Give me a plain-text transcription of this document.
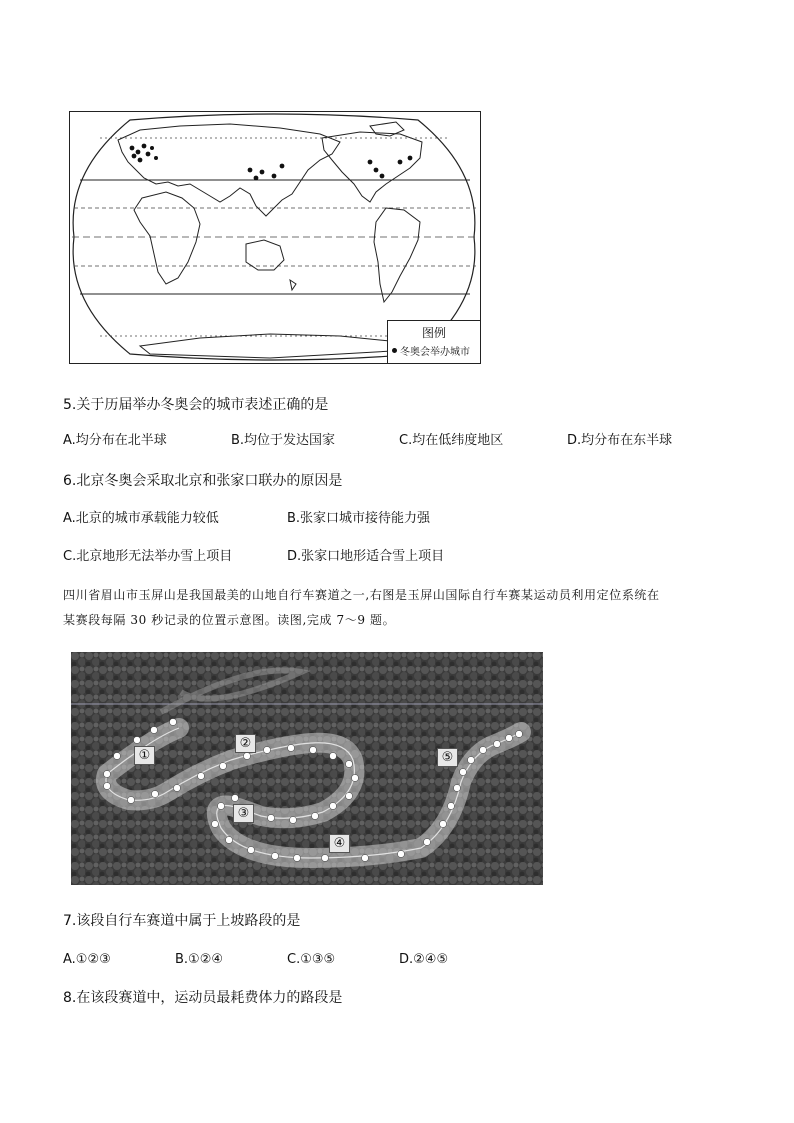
图例
冬奥会举办城市
5.关于历届举办冬奥会的城市表述正确的是
A.均分布在北半球	B.均位于发达国家	C.均在低纬度地区	D.均分布在东半球
6.北京冬奥会采取北京和张家口联办的原因是
A.北京的城市承载能力较低	B.张家口城市接待能力强
C.北京地形无法举办雪上项目	D.张家口地形适合雪上项目
四川省眉山市玉屏山是我国最美的山地自行车赛道之一,右图是玉屏山国际自行车赛某运动员利用定位系统在
某赛段每隔 30 秒记录的位置示意图。读图,完成 7～9 题。
①
②
③
④
⑤
7.该段自行车赛道中属于上坡路段的是
A.①②③	B.①②④	C.①③⑤	D.②④⑤
8.在该段赛道中，运动员最耗费体力的路段是
